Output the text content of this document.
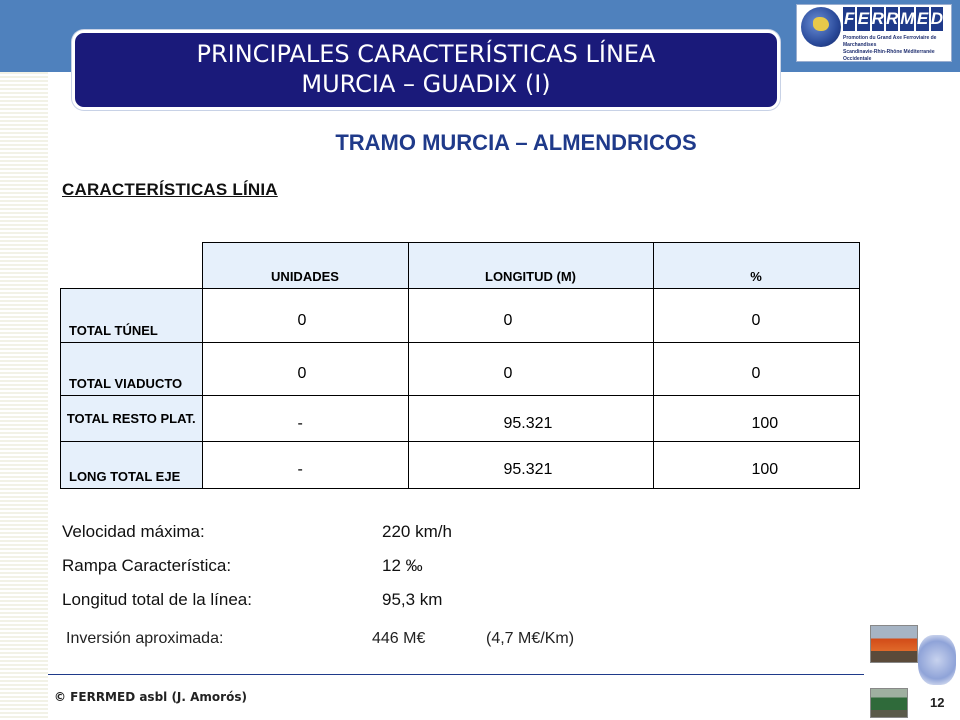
PRINCIPALES CARACTERÍSTICAS LÍNEA
MURCIA – GUADIX (I)
F E R R M E D
Promotion du Grand Axe Ferroviaire de Marchandises
Scandinavie-Rhin-Rhône Méditerranée Occidentale
TRAMO MURCIA – ALMENDRICOS
CARACTERÍSTICAS LÍNIA
	UNIDADES	LONGITUD (M)	%
TOTAL TÚNEL	0	0	0
TOTAL VIADUCTO	0	0	0
TOTAL RESTO PLAT.	-	95.321	100
LONG TOTAL EJE	-	95.321	100
Velocidad máxima:	220 km/h
Rampa Característica:	12 ‰
Longitud total de la línea:	95,3 km
Inversión aproximada:	446 M€	(4,7 M€/Km)
© FERRMED asbl (J. Amorós)	12
